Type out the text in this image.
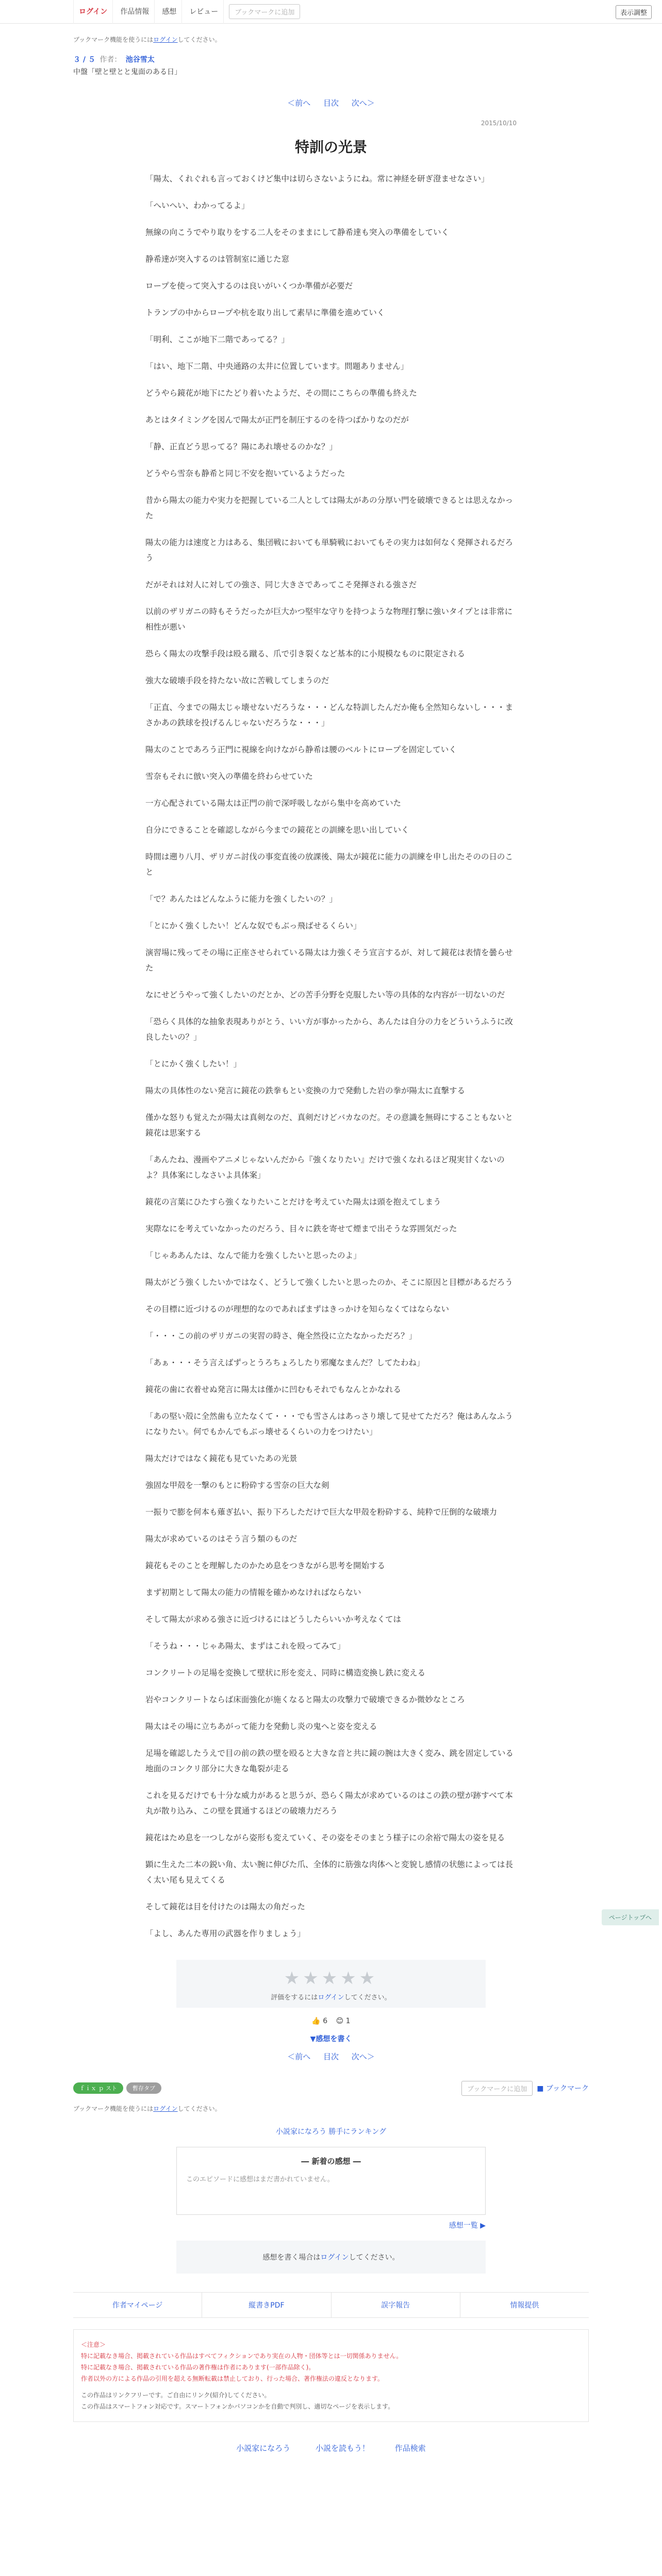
ログイン	作品情報	感想	レビュー	ブックマークに追加	表示調整
ブックマーク機能を使うにはログインしてください。
３ / ５ 作者： 池谷雪太
中盤「壁と壁とと鬼面のある日」
＜前へ 目次 次へ＞
2015/10/10
特訓の光景

「陽太、くれぐれも言っておくけど集中は切らさないようにね。常に神経を研ぎ澄ませなさい」

「へいへい、わかってるよ」

無線の向こうでやり取りをする二人をそのままにして静希達も突入の準備をしていく

静希達が突入するのは管制室に通じた窓

ロープを使って突入するのは良いがいくつか準備が必要だ

トランプの中からロープや杭を取り出して素早に準備を進めていく

「明利、ここが地下二階であってる？」

「はい、地下二階、中央通路の太井に位置しています。問題ありません」

どうやら鏡花が地下にたどり着いたようだ、その間にこちらの準備も終えた

あとはタイミングを図んで陽太が正門を制圧するのを待つばかりなのだが

「静、正直どう思ってる？陽にあれ壊せるのかな？」

どうやら雪奈も静希と同じ不安を抱いているようだった

昔から陽太の能力や実力を把握している二人としては陽太があの分厚い門を破壊できるとは思えなかった

陽太の能力は速度と力はある、集団戦においても単騎戦においてもその実力は如何なく発揮されるだろう

だがそれは対人に対しての強さ、同じ大きさであってこそ発揮される強さだ

以前のザリガニの時もそうだったが巨大かつ堅牢な守りを持つような物理打撃に強いタイプとは非常に相性が悪い

恐らく陽太の攻撃手段は殴る蹴る、爪で引き裂くなど基本的に小規模なものに限定される

強大な破壊手段を持たない故に苦戦してしまうのだ

「正直、今までの陽太じゃ壊せないだろうな・・・どんな特訓したんだか俺も全然知らないし・・・まさかあの鉄球を投げるんじゃないだろうな・・・」

陽太のことであろう正門に視線を向けながら静希は腰のベルトにロープを固定していく

雪奈もそれに倣い突入の準備を終わらせていた

一方心配されている陽太は正門の前で深呼吸しながら集中を高めていた

自分にできることを確認しながら今までの鏡花との訓練を思い出していく

時間は遡り八月、ザリガニ討伐の事変直後の放課後、陽太が鏡花に能力の訓練を申し出たそのの日のこと

「で？あんたはどんなふうに能力を強くしたいの？」

「とにかく強くしたい！どんな奴でもぶっ飛ばせるくらい」

演習場に残ってその場に正座させられている陽太は力強くそう宣言するが、対して鏡花は表情を曇らせた

なにせどうやって強くしたいのだとか、どの苦手分野を克服したい等の具体的な内容が一切ないのだ

「恐らく具体的な抽象表現ありがとう、いい方が事かったから、あんたは自分の力をどういうふうに改良したいの？」

「とにかく強くしたい！」

陽太の具体性のない発言に鏡花の鉄拳もとい変換の力で発動した岩の拳が陽太に直撃する

僅かな怒りも覚えたが陽太は真剣なのだ、真剣だけどバカなのだ。その意識を無碍にすることもないと鏡花は思案する

「あんたね、漫画やアニメじゃないんだから『強くなりたい』だけで強くなれるほど現実甘くないのよ？具体案にしなさいよ具体案」

鏡花の言葉にひたすら強くなりたいことだけを考えていた陽太は頭を抱えてしまう

実際なにを考えていなかったのだろう、目々に鉄を寄せて煙まで出そうな雰囲気だった

「じゃああんたは、なんで能力を強くしたいと思ったのよ」

陽太がどう強くしたいかではなく、どうして強くしたいと思ったのか、そこに原因と目標があるだろう

その目標に近づけるのが理想的なのであればまずはきっかけを知らなくてはならない

「・・・この前のザリガニの実習の時さ、俺全然役に立たなかっただろ？」

「あぁ・・・そう言えばずっとうろちょろしたり邪魔なまんだ？してたわね」

鏡花の歯に衣着せぬ発言に陽太は僅かに凹むもそれでもなんとかなれる

「あの堅い殻に全然歯も立たなくて・・・でも雪さんはあっさり壊して見せてただろ？俺はあんなふうになりたい。何でもかんでもぶっ壊せるくらいの力をつけたい」

陽太だけではなく鏡花も見ていたあの光景

強固な甲殻を一撃のもとに粉砕する雪奈の巨大な剣

一振りで膨を何本も薙ぎ払い、振り下ろしただけで巨大な甲殻を粉砕する、純粋で圧倒的な破壊力

陽太が求めているのはそう言う類のものだ

鏡花もそのことを理解したのかため息をつきながら思考を開始する

まず初期として陽太の能力の情報を確かめなければならない

そして陽太が求める強さに近づけるにはどうしたらいいか考えなくては

「そうね・・・じゃあ陽太、まずはこれを殴ってみて」

コンクリートの足場を変換して壁状に形を変え、同時に構造変換し鉄に変える

岩やコンクリートならば床面強化が施くなると陽太の攻撃力で破壊できるか微妙なところ

陽太はその場に立ちあがって能力を発動し炎の鬼へと姿を変える

足場を確認したうえで目の前の鉄の壁を殴ると大きな音と共に鏡の腕は大きく変み、跳を固定している地面のコンクリ部分に大きな亀裂が走る

これを見るだけでも十分な威力があると思うが、恐らく陽太が求めているのはこの鉄の壁が跡すべて本丸が散り込み、この壁を貫通するほどの破壊力だろう

鏡花はため息を一つしながら姿形も変えていく、その姿をそのまとう様子にの余裕で陽太の姿を見る

顕に生えた二本の鋭い角、太い腕に伸びた爪、全体的に筋強な肉体へと変貌し感情の状態によっては長く太い尾も見えてくる

そして鏡花は目を付けたのは陽太の角だった

「よし、あんた専用の武器を作りましょう」

★★★★★
評価をするにはログインしてください。
👍 6 😊 1
▼感想を書く
＜前へ 目次 次へ＞
ｆｉｘ ｐ スト	暫存タブ	ブックマークに追加	■ ブックマーク
ブックマーク機能を使うにはログインしてください。
小説家になろう 勝手にランキング
― 新着の感想 ―
このエピソードに感想はまだ書かれていません。
感想一覧 ▶
感想を書く場合はログインしてください。
作者マイページ	縦書きPDF	誤字報告	情報提供
＜注意＞
特に記載なき場合、掲載されている作品はすべてフィクションであり実在の人物・団体等とは一切関係ありません。
特に記載なき場合、掲載されている作品の著作権は作者にあります(一部作品除く)。
作者以外の方による作品の引用を超える無断転載は禁止しており、行った場合、著作権法の違反となります。
この作品はリンクフリーです。ご自由にリンク(紹介)してください。
この作品はスマートフォン対応です。スマートフォンかパソコンかを自動で判別し、適切なページを表示します。
小説家になろう	小説を読もう！	作品検索
ページトップへ
